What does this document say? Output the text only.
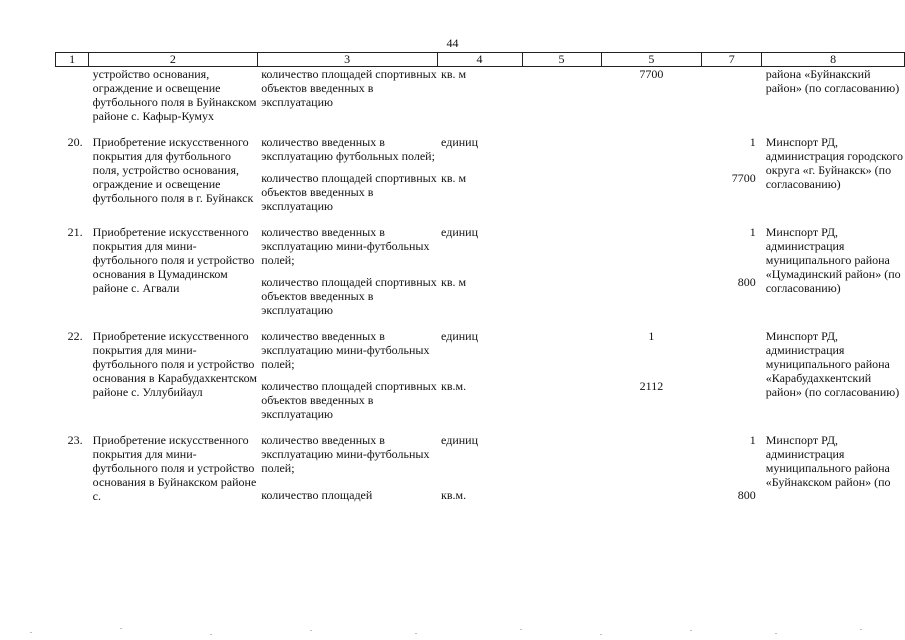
44
1	2	3	4	5	5	7	8
	устройство основания, ограждение и освещение футбольного поля в Буйнакском районе с. Кафыр-Кумух	количество площадей спортивных объектов введенных в эксплуатацию	кв. м		7700		района «Буйнакский район» (по согласованию)

20.	Приобретение искусственного покрытия для футбольного поля, устройство основания, ограждение и освещение футбольного поля в г. Буйнакск	количество введенных в эксплуатацию футбольных полей;	единиц			1	Минспорт РД, администрация городского округа «г. Буйнакск» (по согласованию)
		количество площадей спортивных объектов введенных в эксплуатацию	кв. м			7700	

21.	Приобретение искусственного покрытия для мини-футбольного поля и устройство основания в Цумадинском районе с. Агвали	количество введенных в эксплуатацию мини-футбольных полей;	единиц			1	Минспорт РД, администрация муниципального района «Цумадинский район» (по согласованию)
		количество площадей спортивных объектов введенных в эксплуатацию	кв. м			800	

22.	Приобретение искусственного покрытия для мини-футбольного поля и устройство основания в Карабудахкентском районе с. Уллубийаул	количество введенных в эксплуатацию мини-футбольных полей;	единиц		1		Минспорт РД, администрация муниципального района «Карабудахкентский район» (по согласованию)
		количество площадей спортивных объектов введенных в эксплуатацию	кв.м.		2112		

23.	Приобретение искусственного покрытия для мини-футбольного поля и устройство основания в Буйнакском районе с.	количество введенных в эксплуатацию мини-футбольных полей;	единиц			1	Минспорт РД, администрация муниципального района «Буйнакском район» (по
		количество площадей	кв.м.			800	
